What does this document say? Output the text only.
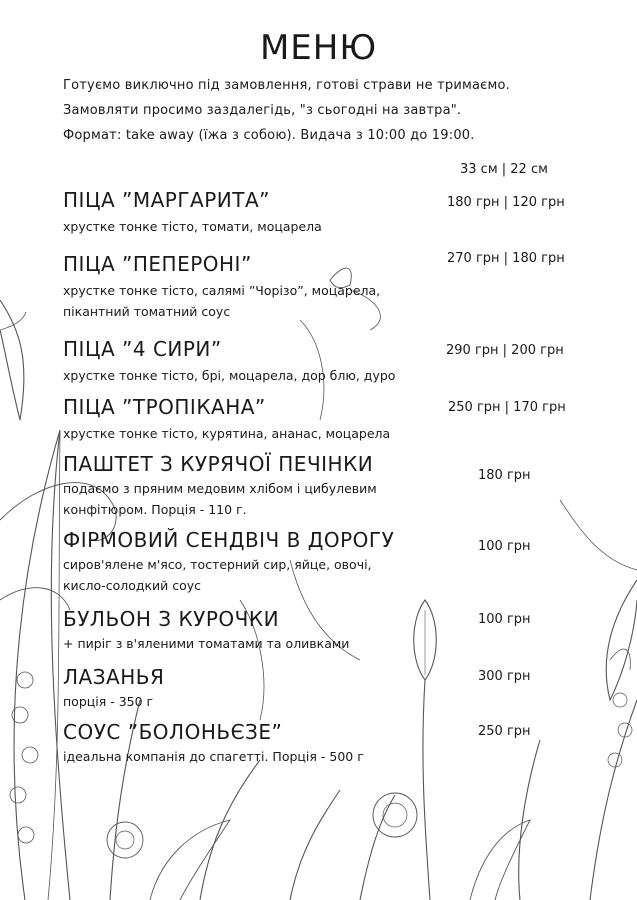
МЕНЮ
Готуємо виключно під замовлення, готові страви не тримаємо.
Замовляти просимо заздалегідь, "з сьогодні на завтра".
Формат: take away (їжа з собою). Видача з 10:00 до 19:00.
33 см | 22 см
ПІЦА ”МАРГАРИТА”
хрустке тонке тісто, томати, моцарела
180 грн | 120 грн
ПІЦА ”ПЕПЕРОНІ”
хрустке тонке тісто, салямі ”Чорізо”, моцарела,
пікантний томатний соус
270 грн | 180 грн
ПІЦА ”4 СИРИ”
хрустке тонке тісто, брі, моцарела, дор блю, дуро
290 грн | 200 грн
ПІЦА ”ТРОПІКАНА”
хрустке тонке тісто, курятина, ананас, моцарела
250 грн | 170 грн
ПАШТЕТ З КУРЯЧОЇ ПЕЧІНКИ
подаємо з пряним медовим хлібом і цибулевим
конфітюром. Порція - 110 г.
180 грн
ФІРМОВИЙ СЕНДВІЧ В ДОРОГУ
сиров'ялене м'ясо, тостерний сир, яйце, овочі,
кисло-солодкий соус
100 грн
БУЛЬОН З КУРОЧКИ
+ пиріг з в'яленими томатами та оливками
100 грн
ЛАЗАНЬЯ
порція - 350 г
300 грн
СОУС ”БОЛОНЬЄЗЕ”
ідеальна компанія до спагетті. Порція - 500 г
250 грн
